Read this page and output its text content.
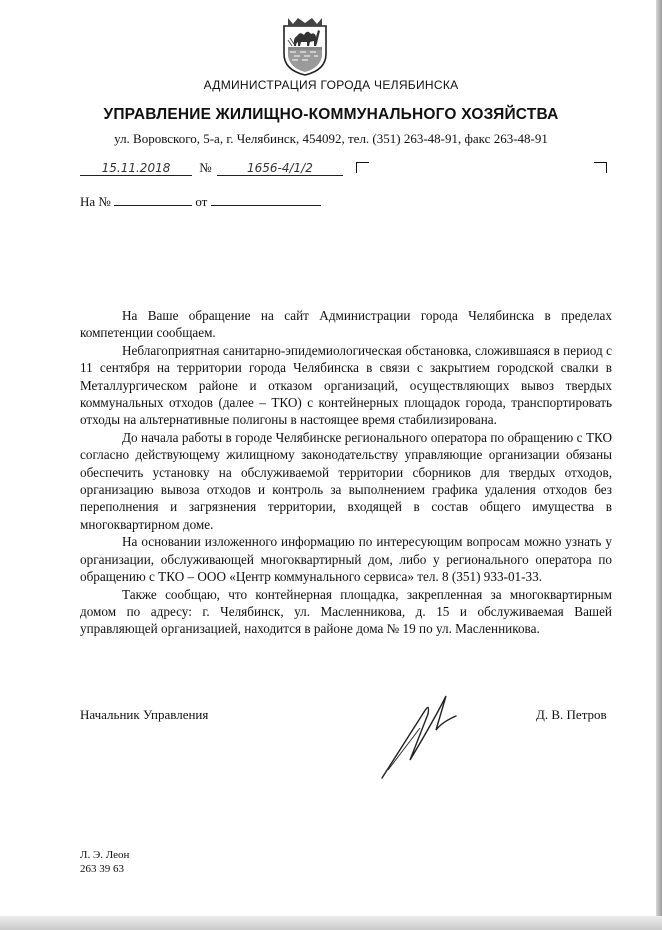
АДМИНИСТРАЦИЯ ГОРОДА ЧЕЛЯБИНСКА
УПРАВЛЕНИЕ ЖИЛИЩНО-КОММУНАЛЬНОГО ХОЗЯЙСТВА
ул. Воровского, 5-а, г. Челябинск, 454092, тел. (351) 263-48-91, факс 263-48-91
15.11.2018 №	1656-4/1/2
На №	от

На Ваше обращение на сайт Администрации города Челябинска в пределах компетенции сообщаем.

Неблагоприятная санитарно-эпидемиологическая обстановка, сложившаяся в период с 11 сентября на территории города Челябинска в связи с закрытием городской свалки в Металлургическом районе и отказом организаций, осуществляющих вывоз твердых коммунальных отходов (далее – ТКО) с контейнерных площадок города, транспортировать отходы на альтернативные полигоны в настоящее время стабилизирована.

До начала работы в городе Челябинске регионального оператора по обращению с ТКО согласно действующему жилищному законодательству управляющие организации обязаны обеспечить установку на обслуживаемой территории сборников для твердых отходов, организацию вывоза отходов и контроль за выполнением графика удаления отходов без переполнения и загрязнения территории, входящей в состав общего имущества в многоквартирном доме.

На основании изложенного информацию по интересующим вопросам можно узнать у организации, обслуживающей многоквартирный дом, либо у регионального оператора по обращению с ТКО – ООО «Центр коммунального сервиса» тел. 8 (351) 933-01-33.

Также сообщаю, что контейнерная площадка, закрепленная за многоквартирным домом по адресу: г. Челябинск, ул. Масленникова, д. 15 и обслуживаемая Вашей управляющей организацией, находится в районе дома № 19 по ул. Масленникова.

Начальник Управления	Д. В. Петров
Л. Э. Леон
263 39 63
